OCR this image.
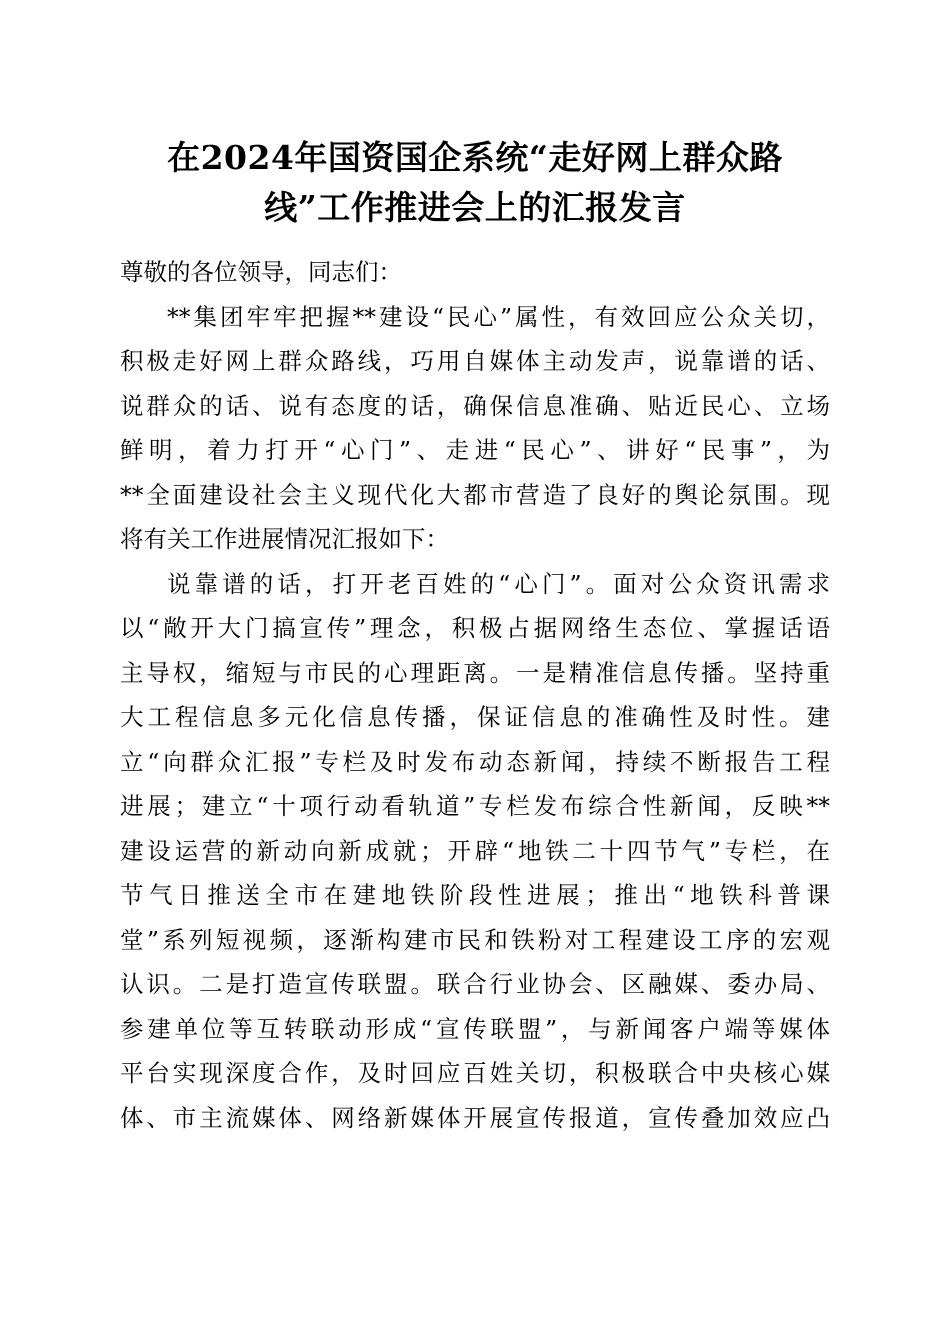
在2024年国资国企系统“走好网上群众路
线”工作推进会上的汇报发言
尊敬的各位领导，同志们：
**集团牢牢把握**建设“民心”属性，有效回应公众关切，
积极走好网上群众路线，巧用自媒体主动发声，说靠谱的话、
说群众的话、说有态度的话，确保信息准确、贴近民心、立场
鲜明，着力打开“心门”、走进“民心”、讲好“民事”，为
**全面建设社会主义现代化大都市营造了良好的舆论氛围。现
将有关工作进展情况汇报如下：
说靠谱的话，打开老百姓的“心门”。面对公众资讯需求
以“敞开大门搞宣传”理念，积极占据网络生态位、掌握话语
主导权，缩短与市民的心理距离。一是精准信息传播。坚持重
大工程信息多元化信息传播，保证信息的准确性及时性。建
立“向群众汇报”专栏及时发布动态新闻，持续不断报告工程
进展；建立“十项行动看轨道”专栏发布综合性新闻，反映**
建设运营的新动向新成就；开辟“地铁二十四节气”专栏，在
节气日推送全市在建地铁阶段性进展；推出“地铁科普课
堂”系列短视频，逐渐构建市民和铁粉对工程建设工序的宏观
认识。二是打造宣传联盟。联合行业协会、区融媒、委办局、
参建单位等互转联动形成“宣传联盟”，与新闻客户端等媒体
平台实现深度合作，及时回应百姓关切，积极联合中央核心媒
体、市主流媒体、网络新媒体开展宣传报道，宣传叠加效应凸
